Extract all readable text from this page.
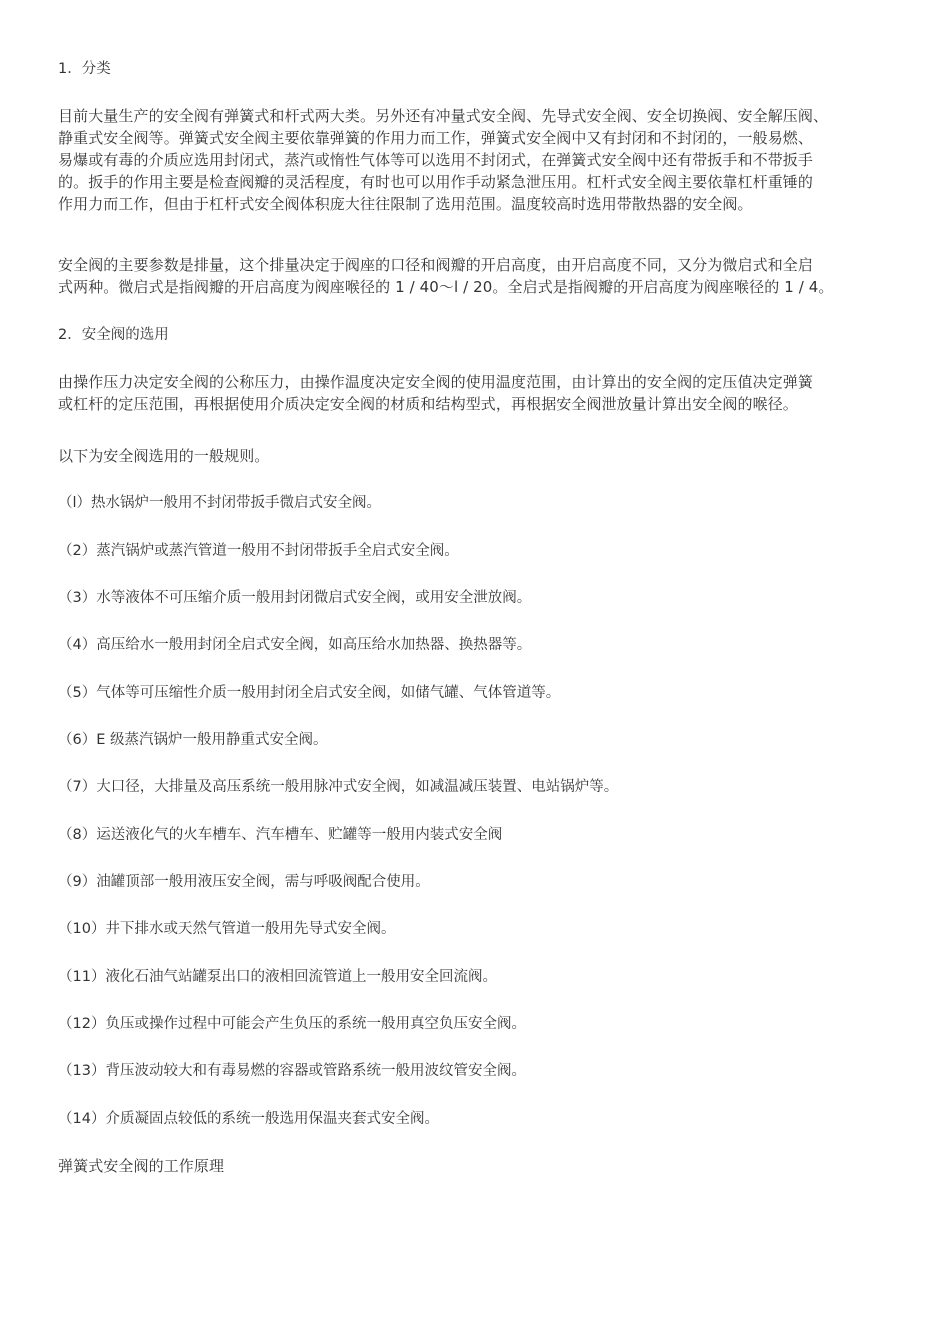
1．分类
目前大量生产的安全阀有弹簧式和杆式两大类。另外还有冲量式安全阀、先导式安全阀、安全切换阀、安全解压阀、
静重式安全阀等。弹簧式安全阀主要依靠弹簧的作用力而工作，弹簧式安全阀中又有封闭和不封闭的，一般易燃、
易爆或有毒的介质应选用封闭式，蒸汽或惰性气体等可以选用不封闭式，在弹簧式安全阀中还有带扳手和不带扳手
的。扳手的作用主要是检查阀瓣的灵活程度，有时也可以用作手动紧急泄压用。杠杆式安全阀主要依靠杠杆重锤的
作用力而工作，但由于杠杆式安全阀体积庞大往往限制了选用范围。温度较高时选用带散热器的安全阀。
安全阀的主要参数是排量，这个排量决定于阀座的口径和阀瓣的开启高度，由开启高度不同，又分为微启式和全启
式两种。微启式是指阀瓣的开启高度为阀座喉径的 1 / 40～l / 20。全启式是指阀瓣的开启高度为阀座喉径的 1 / 4。
2．安全阀的选用
由操作压力决定安全阀的公称压力，由操作温度决定安全阀的使用温度范围，由计算出的安全阀的定压值决定弹簧
或杠杆的定压范围，再根据使用介质决定安全阀的材质和结构型式，再根据安全阀泄放量计算出安全阀的喉径。
以下为安全阀选用的一般规则。
（l）热水锅炉一般用不封闭带扳手微启式安全阀。
（2）蒸汽锅炉或蒸汽管道一般用不封闭带扳手全启式安全阀。
（3）水等液体不可压缩介质一般用封闭微启式安全阀，或用安全泄放阀。
（4）高压给水一般用封闭全启式安全阀，如高压给水加热器、换热器等。
（5）气体等可压缩性介质一般用封闭全启式安全阀，如储气罐、气体管道等。
（6）E 级蒸汽锅炉一般用静重式安全阀。
（7）大口径，大排量及高压系统一般用脉冲式安全阀，如减温减压装置、电站锅炉等。
（8）运送液化气的火车槽车、汽车槽车、贮罐等一般用内装式安全阀
（9）油罐顶部一般用液压安全阀，需与呼吸阀配合使用。
（10）井下排水或天然气管道一般用先导式安全阀。
（11）液化石油气站罐泵出口的液相回流管道上一般用安全回流阀。
（12）负压或操作过程中可能会产生负压的系统一般用真空负压安全阀。
（13）背压波动较大和有毒易燃的容器或管路系统一般用波纹管安全阀。
（14）介质凝固点较低的系统一般选用保温夹套式安全阀。
弹簧式安全阀的工作原理
